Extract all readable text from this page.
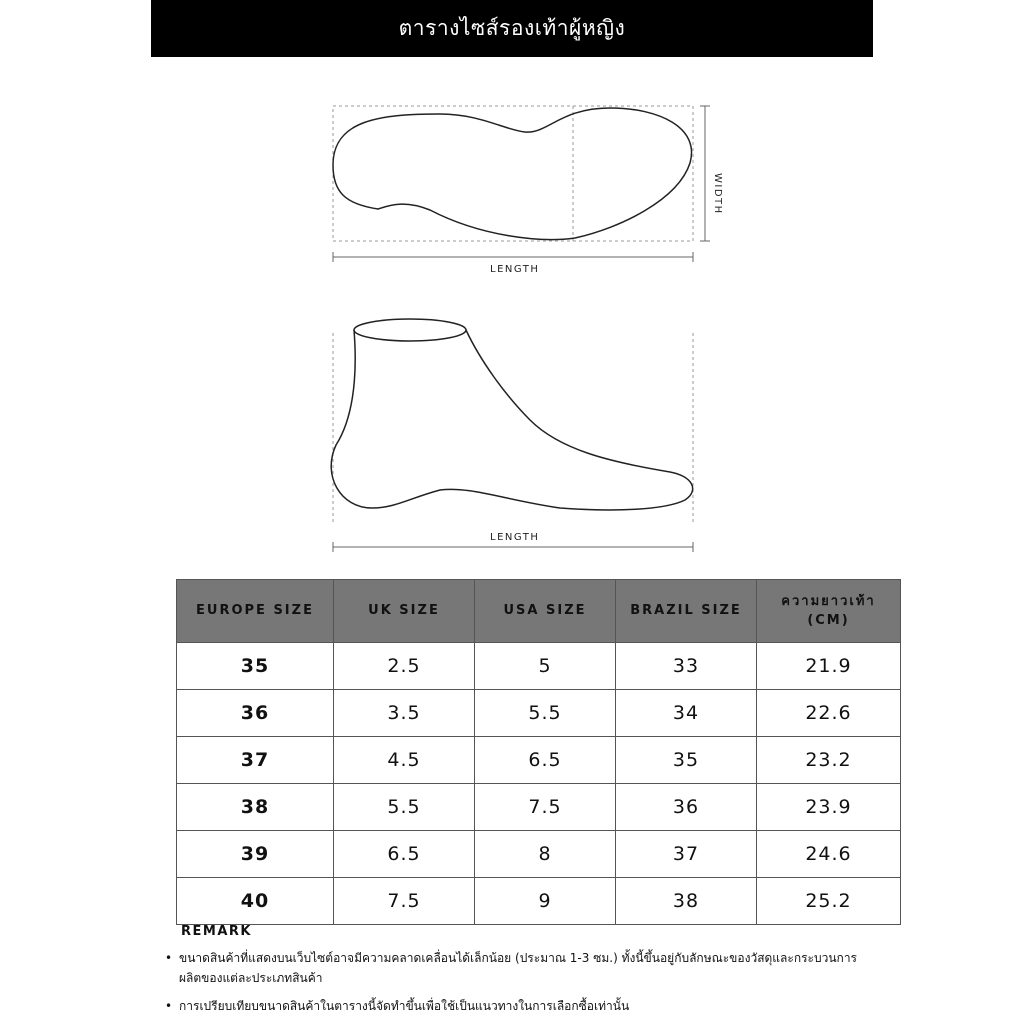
ตารางไซส์รองเท้าผู้หญิง
LENGTH
WIDTH
LENGTH
EUROPE SIZE	UK SIZE	USA SIZE	BRAZIL SIZE	ความยาวเท้า (CM)
35	2.5	5	33	21.9
36	3.5	5.5	34	22.6
37	4.5	6.5	35	23.2
38	5.5	7.5	36	23.9
39	6.5	8	37	24.6
40	7.5	9	38	25.2
REMARK
• ขนาดสินค้าที่แสดงบนเว็บไซต์อาจมีความคลาดเคลื่อนได้เล็กน้อย (ประมาณ 1-3 ซม.) ทั้งนี้ขึ้นอยู่กับลักษณะของวัสดุและกระบวนการผลิตของแต่ละประเภทสินค้า
• การเปรียบเทียบขนาดสินค้าในตารางนี้จัดทำขึ้นเพื่อใช้เป็นแนวทางในการเลือกซื้อเท่านั้น
